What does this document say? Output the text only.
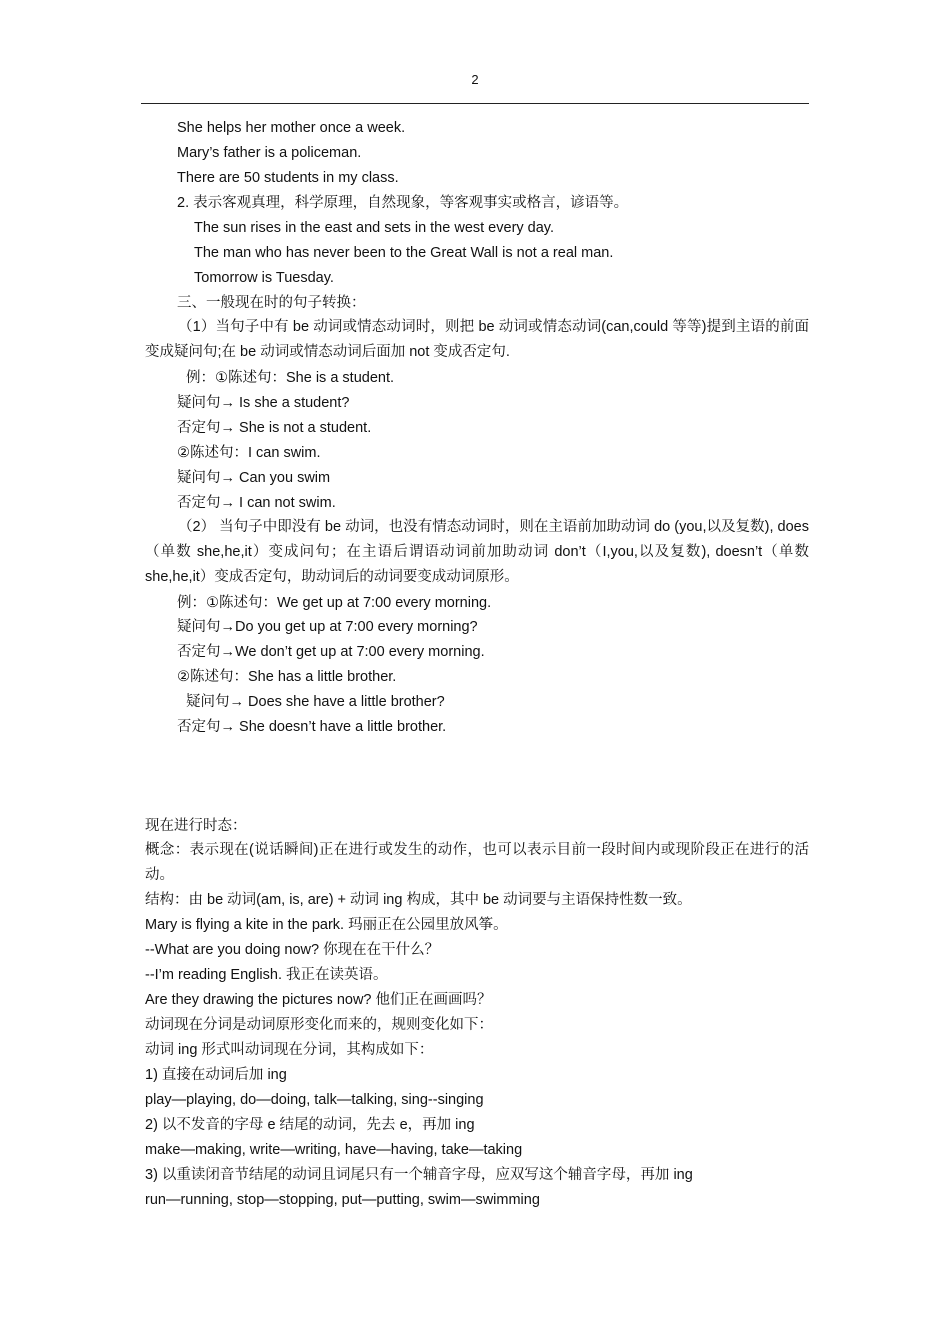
2
She helps her mother once a week.
Mary’s father is a policeman.
There are 50 students in my class.
2. 表示客观真理，科学原理，自然现象，等客观事实或格言，谚语等。
The sun rises in the east and sets in the west every day.
The man who has never been to the Great Wall is not a real man.
Tomorrow is Tuesday.
三、一般现在时的句子转换：
（1）当句子中有 be 动词或情态动词时，则把 be 动词或情态动词(can,could 等等)提到主语的前面变成疑问句;在 be 动词或情态动词后面加 not 变成否定句.
例：①陈述句：She is a student.
疑问句→ Is she a student?
否定句→ She is not a student.
②陈述句：I can swim.
疑问句→ Can you swim
否定句→ I can not swim.
（2） 当句子中即没有 be 动词，也没有情态动词时，则在主语前加助动词 do (you,以及复数), does（单数 she,he,it）变成问句；在主语后谓语动词前加助动词 don’t（I,you,以及复数), doesn’t（单数 she,he,it）变成否定句，助动词后的动词要变成动词原形。
例：①陈述句：We get up at 7:00 every morning.
疑问句→Do you get up at 7:00 every morning?
否定句→We don’t get up at 7:00 every morning.
②陈述句：She has a little brother.
疑问句→ Does she have a little brother?
否定句→ She doesn’t have a little brother.
现在进行时态：
概念：表示现在(说话瞬间)正在进行或发生的动作，也可以表示目前一段时间内或现阶段正在进行的活动。
结构：由 be 动词(am, is, are) + 动词 ing 构成，其中 be 动词要与主语保持性数一致。
Mary is flying a kite in the park. 玛丽正在公园里放风筝。
--What are you doing now? 你现在在干什么？
--I’m reading English. 我正在读英语。
Are they drawing the pictures now? 他们正在画画吗？
动词现在分词是动词原形变化而来的，规则变化如下：
动词 ing 形式叫动词现在分词，其构成如下：
1) 直接在动词后加 ing
play—playing, do—doing, talk—talking, sing--singing
2) 以不发音的字母 e 结尾的动词，先去 e，再加 ing
make—making, write—writing, have—having, take—taking
3) 以重读闭音节结尾的动词且词尾只有一个辅音字母，应双写这个辅音字母，再加 ing
run—running, stop—stopping, put—putting, swim—swimming
